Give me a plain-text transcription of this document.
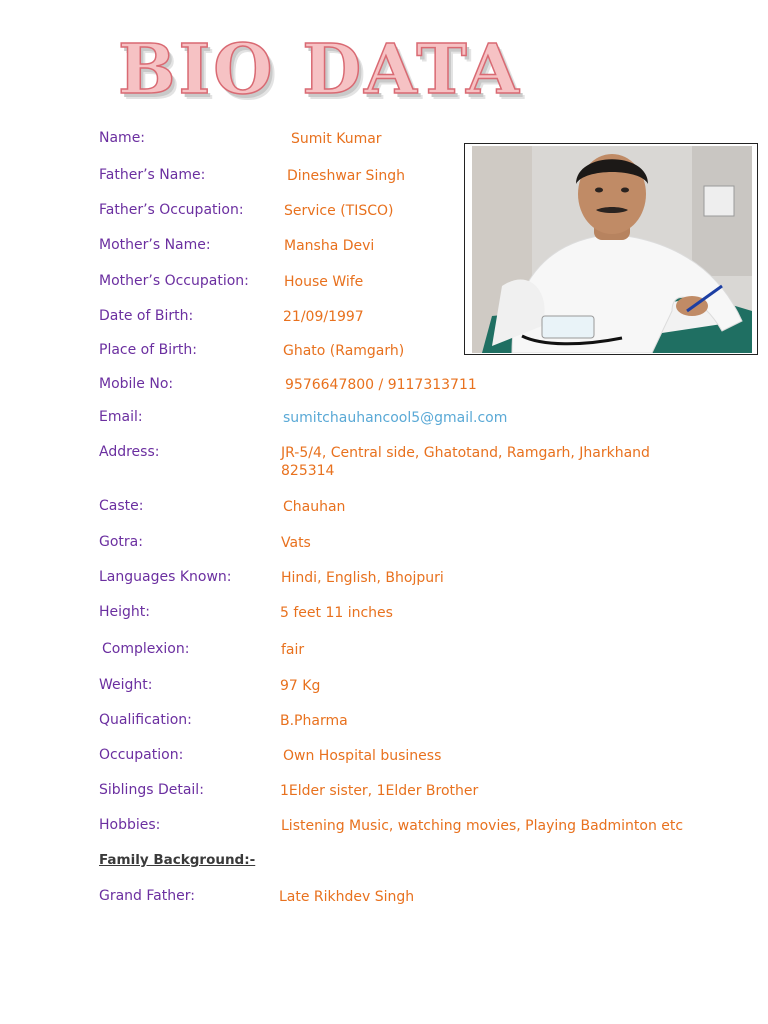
BIO DATA
Name:	Sumit Kumar
Father’s Name:	Dineshwar Singh
Father’s Occupation:	Service (TISCO)
Mother’s Name:	Mansha Devi
Mother’s Occupation:	House Wife
Date of Birth:	21/09/1997
Place of Birth:	Ghato (Ramgarh)
Mobile No:	9576647800 / 9117313711
Email:	sumitchauhancool5@gmail.com
Address:	JR-5/4, Central side, Ghatotand, Ramgarh, Jharkhand
825314
Caste:	Chauhan
Gotra:	Vats
Languages Known:	Hindi, English, Bhojpuri
Height:	5 feet 11 inches
Complexion:	fair
Weight:	97 Kg
Qualification:	B.Pharma
Occupation:	Own Hospital business
Siblings Detail:	1Elder sister, 1Elder Brother
Hobbies:	Listening Music, watching movies, Playing Badminton etc
Family Background:-
Grand Father:	Late Rikhdev Singh
